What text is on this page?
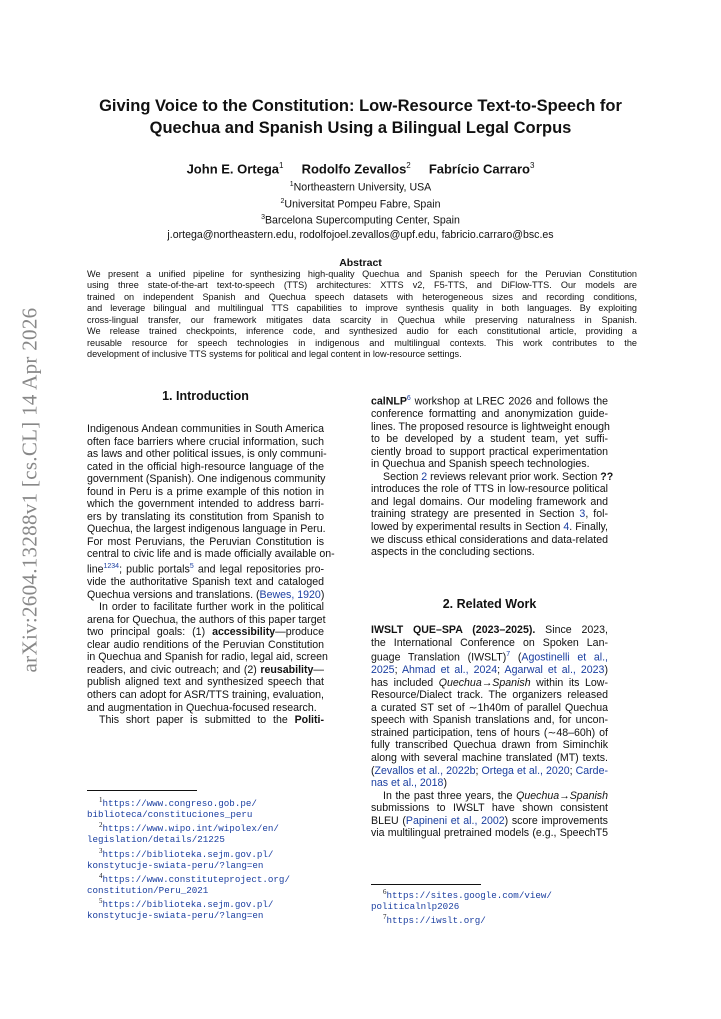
arXiv:2604.13288v1 [cs.CL] 14 Apr 2026
Giving Voice to the Constitution: Low-Resource Text-to-Speech for
Quechua and Spanish Using a Bilingual Legal Corpus
John E. Ortega$^1$ Rodolfo Zevallos$^2$ Fabrício Carraro$^3$
$^1$Northeastern University, USA
$^2$Universitat Pompeu Fabre, Spain
$^3$Barcelona Supercomputing Center, Spain
j.ortega@northeastern.edu, rodolfojoel.zevallos@upf.edu, fabricio.carraro@bsc.es
Abstract
We present a unified pipeline for synthesizing high-quality Quechua and Spanish speech for the Peruvian Constitution
using three state-of-the-art text-to-speech (TTS) architectures: XTTS v2, F5-TTS, and DiFlow-TTS. Our models are
trained on independent Spanish and Quechua speech datasets with heterogeneous sizes and recording conditions,
and leverage bilingual and multilingual TTS capabilities to improve synthesis quality in both languages. By exploiting
cross-lingual transfer, our framework mitigates data scarcity in Quechua while preserving naturalness in Spanish.
We release trained checkpoints, inference code, and synthesized audio for each constitutional article, providing a
reusable resource for speech technologies in indigenous and multilingual contexts. This work contributes to the
development of inclusive TTS systems for political and legal content in low-resource settings.
1. Introduction
Indigenous Andean communities in South America
often face barriers where crucial information, such
as laws and other political issues, is only communi-
cated in the official high-resource language of the
government (Spanish). One indigenous community
found in Peru is a prime example of this notion in
which the government intended to address barri-
ers by translating its constitution from Spanish to
Quechua, the largest indigenous language in Peru.
For most Peruvians, the Peruvian Constitution is
central to civic life and is made officially available on-
line$^{1234}$; public portals$^5$ and legal repositories pro-
vide the authoritative Spanish text and cataloged
Quechua versions and translations. (Bewes, 1920)
In order to facilitate further work in the political
arena for Quechua, the authors of this paper target
two principal goals: (1) accessibility—produce
clear audio renditions of the Peruvian Constitution
in Quechua and Spanish for radio, legal aid, screen
readers, and civic outreach; and (2) reusability—
publish aligned text and synthesized speech that
others can adopt for ASR/TTS training, evaluation,
and augmentation in Quechua-focused research.
This short paper is submitted to the Politi-
calNLP$^6$ workshop at LREC 2026 and follows the
conference formatting and anonymization guide-
lines. The proposed resource is lightweight enough
to be developed by a student team, yet suffi-
ciently broad to support practical experimentation
in Quechua and Spanish speech technologies.
Section 2 reviews relevant prior work. Section ??
introduces the role of TTS in low-resource political
and legal domains. Our modeling framework and
training strategy are presented in Section 3, fol-
lowed by experimental results in Section 4. Finally,
we discuss ethical considerations and data-related
aspects in the concluding sections.
2. Related Work
IWSLT QUE–SPA (2023–2025). Since 2023,
the International Conference on Spoken Lan-
guage Translation (IWSLT)$^7$ (Agostinelli et al.,
2025; Ahmad et al., 2024; Agarwal et al., 2023)
has included Quechua→Spanish within its Low-
Resource/Dialect track. The organizers released
a curated ST set of ∼1h40m of parallel Quechua
speech with Spanish translations and, for uncon-
strained participation, tens of hours (∼48–60h) of
fully transcribed Quechua drawn from Siminchik
along with several machine translated (MT) texts.
(Zevallos et al., 2022b; Ortega et al., 2020; Carde-
nas et al., 2018)
In the past three years, the Quechua→Spanish
submissions to IWSLT have shown consistent
BLEU (Papineni et al., 2002) score improvements
via multilingual pretrained models (e.g., SpeechT5
$^1$https://www.congreso.gob.pe/
biblioteca/constituciones_peru
$^2$https://www.wipo.int/wipolex/en/
legislation/details/21225
$^3$https://biblioteka.sejm.gov.pl/
konstytucje-swiata-peru/?lang=en
$^4$https://www.constituteproject.org/
constitution/Peru_2021
$^5$https://biblioteka.sejm.gov.pl/
konstytucje-swiata-peru/?lang=en
$^6$https://sites.google.com/view/
politicalnlp2026
$^7$https://iwslt.org/
